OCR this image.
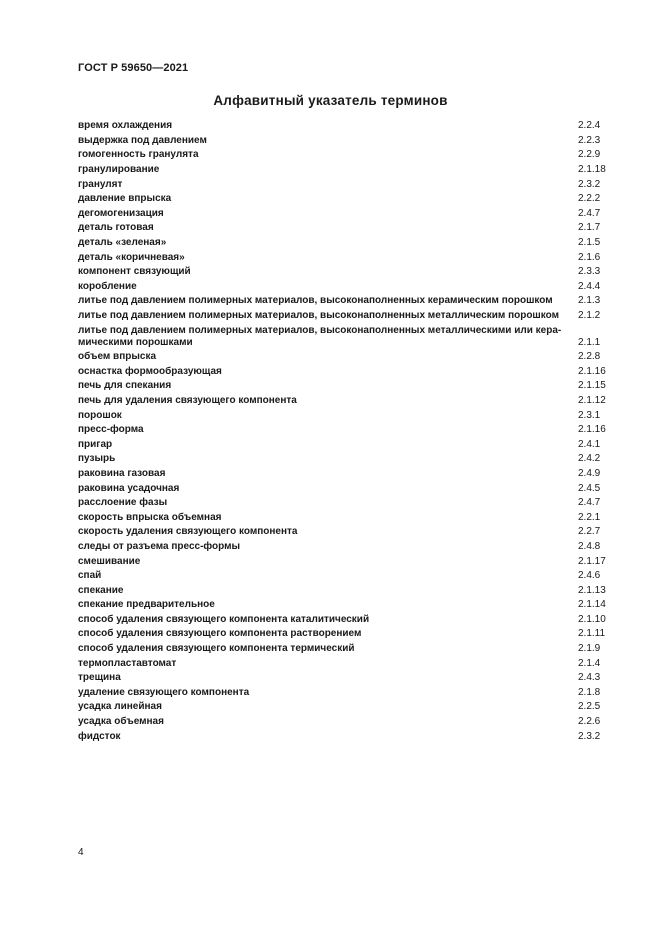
ГОСТ Р 59650—2021
Алфавитный указатель терминов
время охлаждения	2.2.4
выдержка под давлением	2.2.3
гомогенность гранулята	2.2.9
гранулирование	2.1.18
гранулят	2.3.2
давление впрыска	2.2.2
дегомогенизация	2.4.7
деталь готовая	2.1.7
деталь «зеленая»	2.1.5
деталь «коричневая»	2.1.6
компонент связующий	2.3.3
коробление	2.4.4
литье под давлением полимерных материалов, высоконаполненных керамическим порошком	2.1.3
литье под давлением полимерных материалов, высоконаполненных металлическим порошком 2.1.2
литье под давлением полимерных материалов, высоконаполненных металлическими или кера-мическими порошками	2.1.1
объем впрыска	2.2.8
оснастка формообразующая	2.1.16
печь для спекания	2.1.15
печь для удаления связующего компонента	2.1.12
порошок	2.3.1
пресс-форма	2.1.16
пригар	2.4.1
пузырь	2.4.2
раковина газовая	2.4.9
раковина усадочная	2.4.5
расслоение фазы	2.4.7
скорость впрыска объемная	2.2.1
скорость удаления связующего компонента	2.2.7
следы от разъема пресс-формы	2.4.8
смешивание	2.1.17
спай	2.4.6
спекание	2.1.13
спекание предварительное	2.1.14
способ удаления связующего компонента каталитический	2.1.10
способ удаления связующего компонента растворением	2.1.11
способ удаления связующего компонента термический	2.1.9
термопластавтомат	2.1.4
трещина	2.4.3
удаление связующего компонента	2.1.8
усадка линейная	2.2.5
усадка объемная	2.2.6
фидсток	2.3.2
4
